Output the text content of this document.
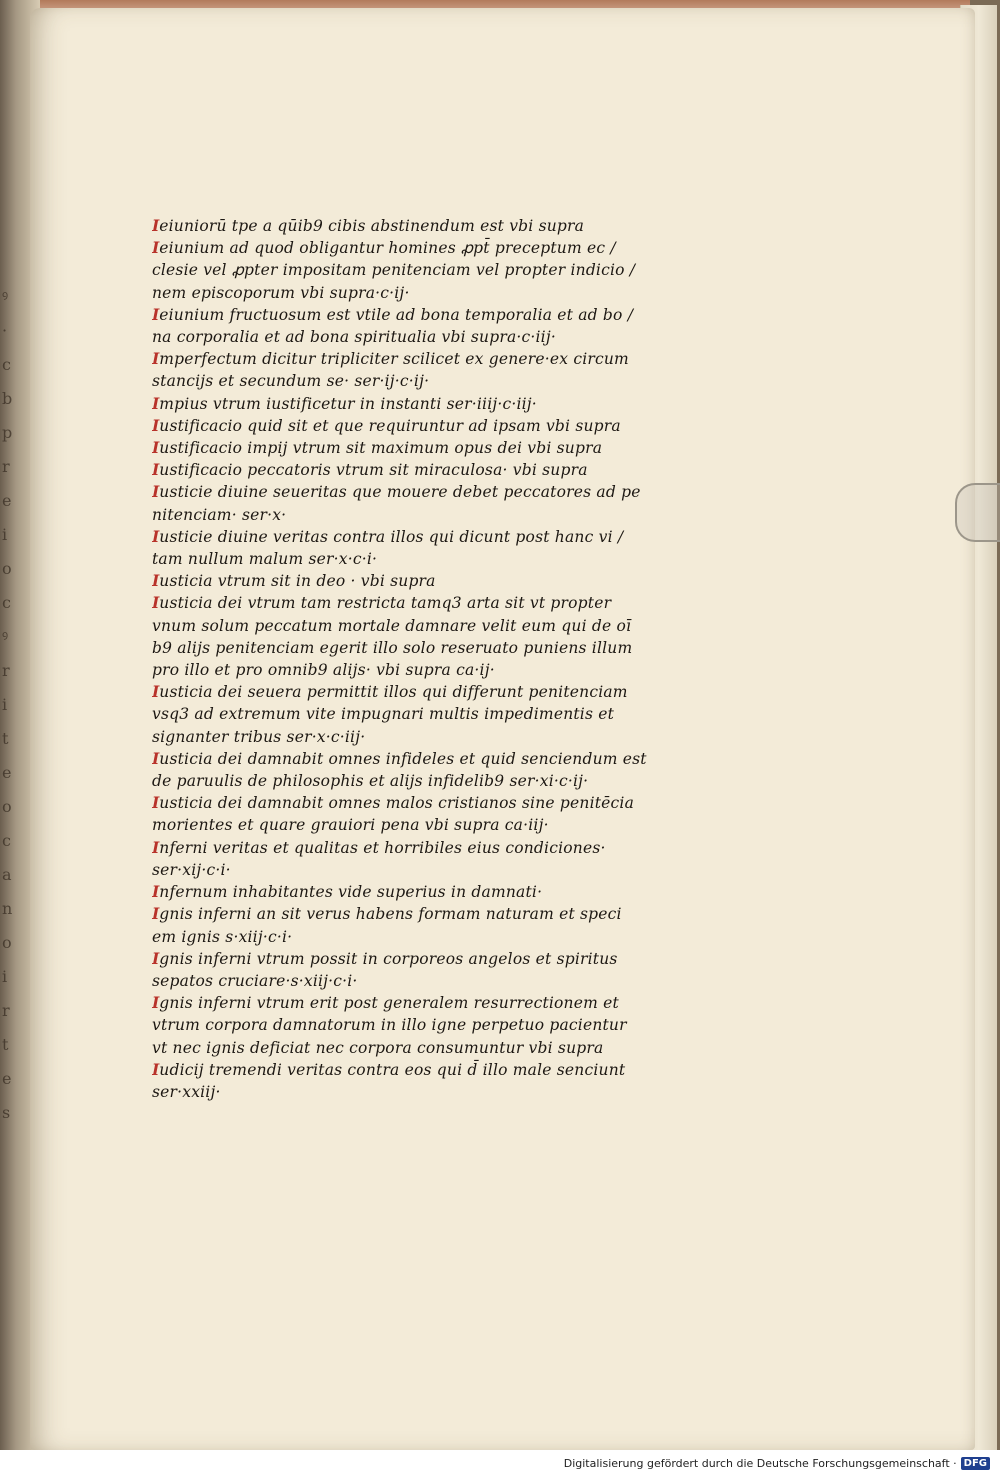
ꝰ
·
c
b
p
r
e
i
o
c
ꝰ
r
i
t
e
o
c
a
n
o
i
r
t
e
s
Ieiuniorū tpe a qūib9 cibis abstinendum est vbi supra
Ieiunium ad quod obligantur homines ꝓpt̄ preceptum ec /
clesie vel ꝓpter impositam penitenciam vel propter indicio /
nem episcoporum vbi supra·c·ij·
Ieiunium fructuosum est vtile ad bona temporalia et ad bo /
na corporalia et ad bona spiritualia vbi supra·c·iij·
Imperfectum dicitur tripliciter scilicet ex genere·ex circum
stancijs et secundum se· ser·ij·c·ij·
Impius vtrum iustificetur in instanti ser·iiij·c·iij·
Iustificacio quid sit et que requiruntur ad ipsam vbi supra
Iustificacio impij vtrum sit maximum opus dei vbi supra
Iustificacio peccatoris vtrum sit miraculosa· vbi supra
Iusticie diuine seueritas que mouere debet peccatores ad pe
nitenciam· ser·x·
Iusticie diuine veritas contra illos qui dicunt post hanc vi /
tam nullum malum ser·x·c·i·
Iusticia vtrum sit in deo · vbi supra
Iusticia dei vtrum tam restricta tamq3 arta sit vt propter
vnum solum peccatum mortale damnare velit eum qui de oī
b9 alijs penitenciam egerit illo solo reseruato puniens illum
pro illo et pro omnib9 alijs· vbi supra ca·ij·
Iusticia dei seuera permittit illos qui differunt penitenciam
vsq3 ad extremum vite impugnari multis impedimentis et
signanter tribus ser·x·c·iij·
Iusticia dei damnabit omnes infideles et quid senciendum est
de paruulis de philosophis et alijs infidelib9 ser·xi·c·ij·
Iusticia dei damnabit omnes malos cristianos sine penitēcia
morientes et quare grauiori pena vbi supra ca·iij·
Inferni veritas et qualitas et horribiles eius condiciones·
ser·xij·c·i·
Infernum inhabitantes vide superius in damnati·
Ignis inferni an sit verus habens formam naturam et speci
em ignis s·xiij·c·i·
Ignis inferni vtrum possit in corporeos angelos et spiritus
sepatos cruciare·s·xiij·c·i·
Ignis inferni vtrum erit post generalem resurrectionem et
vtrum corpora damnatorum in illo igne perpetuo pacientur
vt nec ignis deficiat nec corpora consumuntur vbi supra
Iudicij tremendi veritas contra eos qui d̄ illo male senciunt
ser·xxiij·
Digitalisierung gefördert durch die Deutsche Forschungsgemeinschaft · DFG
